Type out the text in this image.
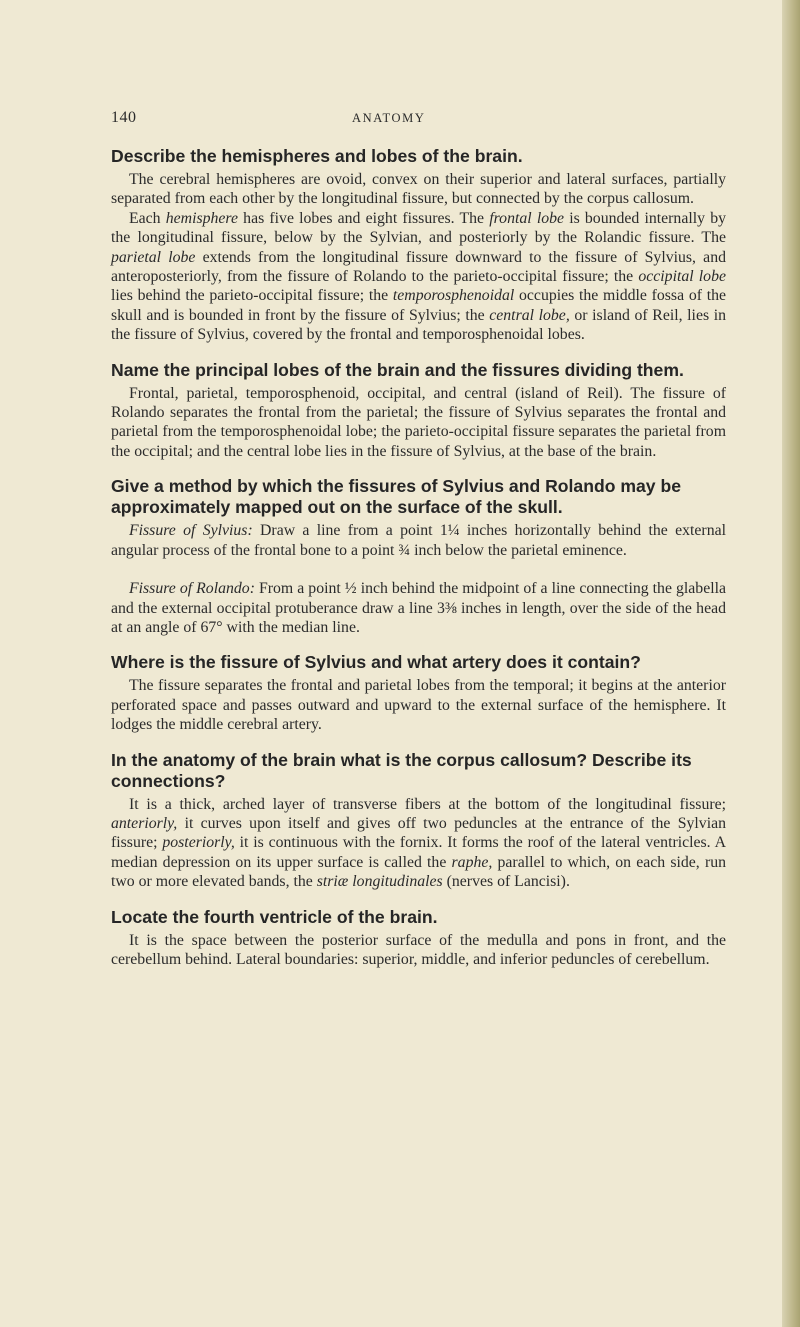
140	ANATOMY
Describe the hemispheres and lobes of the brain.

The cerebral hemispheres are ovoid, convex on their superior and lateral surfaces, partially separated from each other by the longitudinal fissure, but connected by the corpus callosum.

Each hemisphere has five lobes and eight fissures. The frontal lobe is bounded internally by the longitudinal fissure, below by the Sylvian, and posteriorly by the Rolandic fissure. The parietal lobe extends from the longitudinal fissure downward to the fissure of Sylvius, and anteroposteriorly, from the fissure of Rolando to the parieto-occipital fissure; the occipital lobe lies behind the parieto-occipital fissure; the temporosphenoidal occupies the middle fossa of the skull and is bounded in front by the fissure of Sylvius; the central lobe, or island of Reil, lies in the fissure of Sylvius, covered by the frontal and temporosphenoidal lobes.

Name the principal lobes of the brain and the fissures dividing them.

Frontal, parietal, temporosphenoid, occipital, and central (island of Reil). The fissure of Rolando separates the frontal from the parietal; the fissure of Sylvius separates the frontal and parietal from the temporosphenoidal lobe; the parieto-occipital fissure separates the parietal from the occipital; and the central lobe lies in the fissure of Sylvius, at the base of the brain.

Give a method by which the fissures of Sylvius and Rolando may be approximately mapped out on the surface of the skull.

Fissure of Sylvius: Draw a line from a point 1¼ inches horizontally behind the external angular process of the frontal bone to a point ¾ inch below the parietal eminence.

Fissure of Rolando: From a point ½ inch behind the midpoint of a line connecting the glabella and the external occipital protuberance draw a line 3⅜ inches in length, over the side of the head at an angle of 67° with the median line.

Where is the fissure of Sylvius and what artery does it contain?

The fissure separates the frontal and parietal lobes from the temporal; it begins at the anterior perforated space and passes outward and upward to the external surface of the hemisphere. It lodges the middle cerebral artery.

In the anatomy of the brain what is the corpus callosum? Describe its connections?

It is a thick, arched layer of transverse fibers at the bottom of the longitudinal fissure; anteriorly, it curves upon itself and gives off two peduncles at the entrance of the Sylvian fissure; posteriorly, it is continuous with the fornix. It forms the roof of the lateral ventricles. A median depression on its upper surface is called the raphe, parallel to which, on each side, run two or more elevated bands, the striæ longitudinales (nerves of Lancisi).

Locate the fourth ventricle of the brain.

It is the space between the posterior surface of the medulla and pons in front, and the cerebellum behind. Lateral boundaries: superior, middle, and inferior peduncles of cerebellum.
